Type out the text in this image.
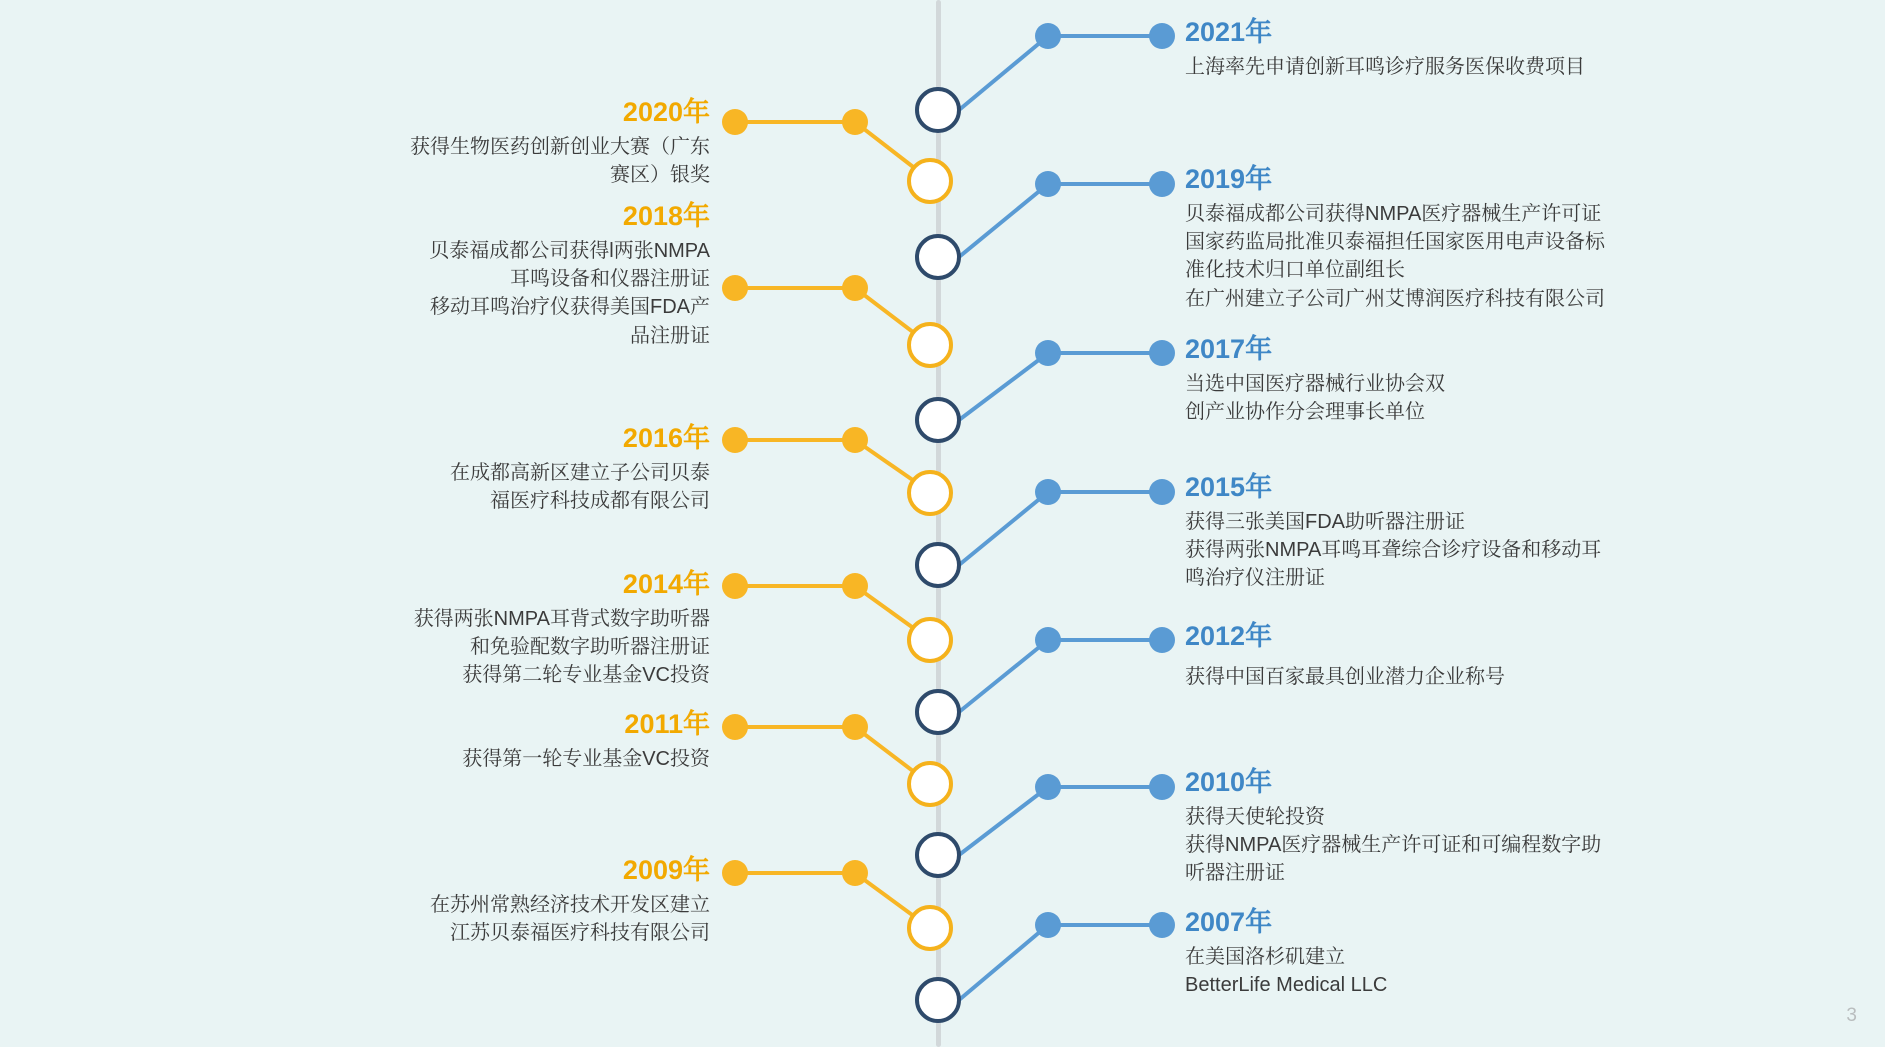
2020年
获得生物医药创新创业大赛（广东
赛区）银奖
2018年
贝泰福成都公司获得l两张NMPA
耳鸣设备和仪器注册证
移动耳鸣治疗仪获得美国FDA产
品注册证
2016年
在成都高新区建立子公司贝泰
福医疗科技成都有限公司
2014年
获得两张NMPA耳背式数字助听器
和免验配数字助听器注册证
获得第二轮专业基金VC投资
2011年
获得第一轮专业基金VC投资
2009年
在苏州常熟经济技术开发区建立
江苏贝泰福医疗科技有限公司
2021年
上海率先申请创新耳鸣诊疗服务医保收费项目
2019年
贝泰福成都公司获得NMPA医疗器械生产许可证
国家药监局批准贝泰福担任国家医用电声设备标
准化技术归口单位副组长
在广州建立子公司广州艾博润医疗科技有限公司
2017年
当选中国医疗器械行业协会双
创产业协作分会理事长单位
2015年
获得三张美国FDA助听器注册证
获得两张NMPA耳鸣耳聋综合诊疗设备和移动耳
鸣治疗仪注册证
2012年
获得中国百家最具创业潜力企业称号
2010年
获得天使轮投资
获得NMPA医疗器械生产许可证和可编程数字助
听器注册证
2007年
在美国洛杉矶建立
BetterLife Medical LLC
3
